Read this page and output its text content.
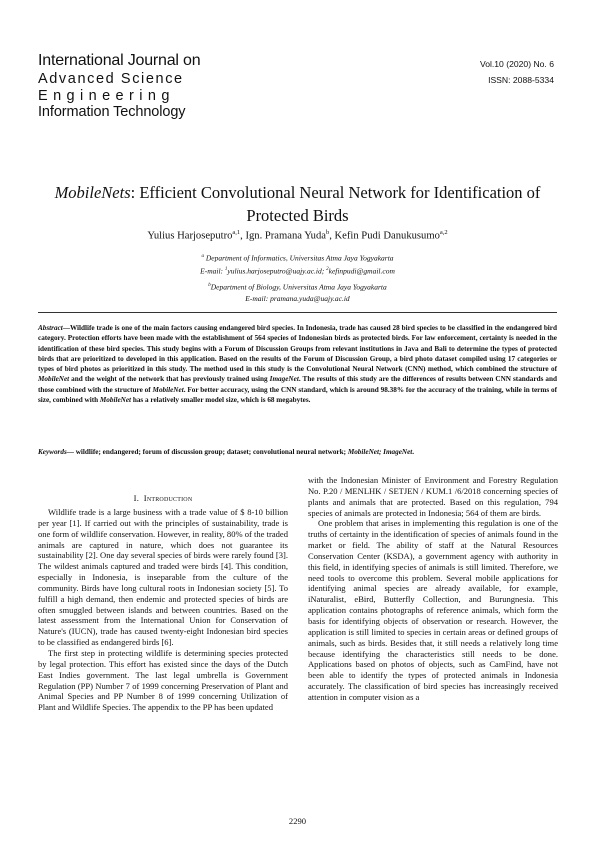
International Journal on
Advanced Science
Engineering
Information Technology
Vol.10 (2020) No. 6
ISSN: 2088-5334
MobileNets: Efficient Convolutional Neural Network for Identification of Protected Birds
Yulius Harjoseputro$^{a,1}$, Ign. Pramana Yuda$^b$, Kefin Pudi Danukusumo$^{a,2}$
$^a$ Department of Informatics, Universitas Atma Jaya Yogyakarta
E-mail: $^1$yulius.harjoseputro@uajy.ac.id; $^2$kefinpudi@gmail.com
$^b$Department of Biology, Universitas Atma Jaya Yogyakarta
E-mail: pramana.yuda@uajy.ac.id
Abstract—Wildlife trade is one of the main factors causing endangered bird species. In Indonesia, trade has caused 28 bird species to be classified in the endangered bird category. Protection efforts have been made with the establishment of 564 species of Indonesian birds as protected birds. For law enforcement, certainty is needed in the identification of these bird species. This study begins with a Forum of Discussion Groups from relevant institutions in Java and Bali to determine the types of protected birds that are prioritized to developed in this application. Based on the results of the Forum of Discussion Group, a bird photo dataset compiled using 17 categories or types of bird photos as prioritized in this study. The method used in this study is the Convolutional Neural Network (CNN) method, which combined the structure of MobileNet and the weight of the network that has previously trained using ImageNet. The results of this study are the differences of results between CNN standards and those combined with the structure of MobileNet. For better accuracy, using the CNN standard, which is around 98.38% for the accuracy of the training, while in terms of size, combined with MobileNet has a relatively smaller model size, which is 68 megabytes.
Keywords— wildlife; endangered; forum of discussion group; dataset; convolutional neural network; MobileNet; ImageNet.
I. Introduction

Wildlife trade is a large business with a trade value of $ 8-10 billion per year [1]. If carried out with the principles of sustainability, trade is one form of wildlife conservation. However, in reality, 80% of the traded animals are captured in nature, which does not guarantee its sustainability [2]. One day several species of birds were rarely found [3]. The wildest animals captured and traded were birds [4]. This condition, especially in Indonesia, is inseparable from the culture of the community. Birds have long cultural roots in Indonesian society [5]. To fulfill a high demand, then endemic and protected species of birds are often smuggled between islands and between countries. Based on the latest assessment from the International Union for Conservation of Nature's (IUCN), trade has caused twenty-eight Indonesian bird species to be classified as endangered birds [6].

The first step in protecting wildlife is determining species protected by legal protection. This effort has existed since the days of the Dutch East Indies government. The last legal umbrella is Government Regulation (PP) Number 7 of 1999 concerning Preservation of Plant and Animal Species and PP Number 8 of 1999 concerning Utilization of Plant and Wildlife Species. The appendix to the PP has been updated

with the Indonesian Minister of Environment and Forestry Regulation No. P.20 / MENLHK / SETJEN / KUM.1 /6/2018 concerning species of plants and animals that are protected. Based on this regulation, 794 species of animals are protected in Indonesia; 564 of them are birds.

One problem that arises in implementing this regulation is one of the truths of certainty in the identification of species of animals found in the market or field. The ability of staff at the Natural Resources Conservation Center (KSDA), a government agency with authority in this field, in identifying species of animals is still limited. Therefore, we need tools to overcome this problem. Several mobile applications for identifying animal species are already available, for example, iNaturalist, eBird, Butterfly Collection, and Burungnesia. This application contains photographs of reference animals, which form the basis for identifying objects of observation or research. However, the application is still limited to species in certain areas or defined groups of animals, such as birds. Besides that, it still needs a relatively long time because identifying the characteristics still needs to be done. Applications based on photos of objects, such as CamFind, have not been able to identify the types of protected animals in Indonesia accurately. The classification of bird species has increasingly received attention in computer vision as a

2290
